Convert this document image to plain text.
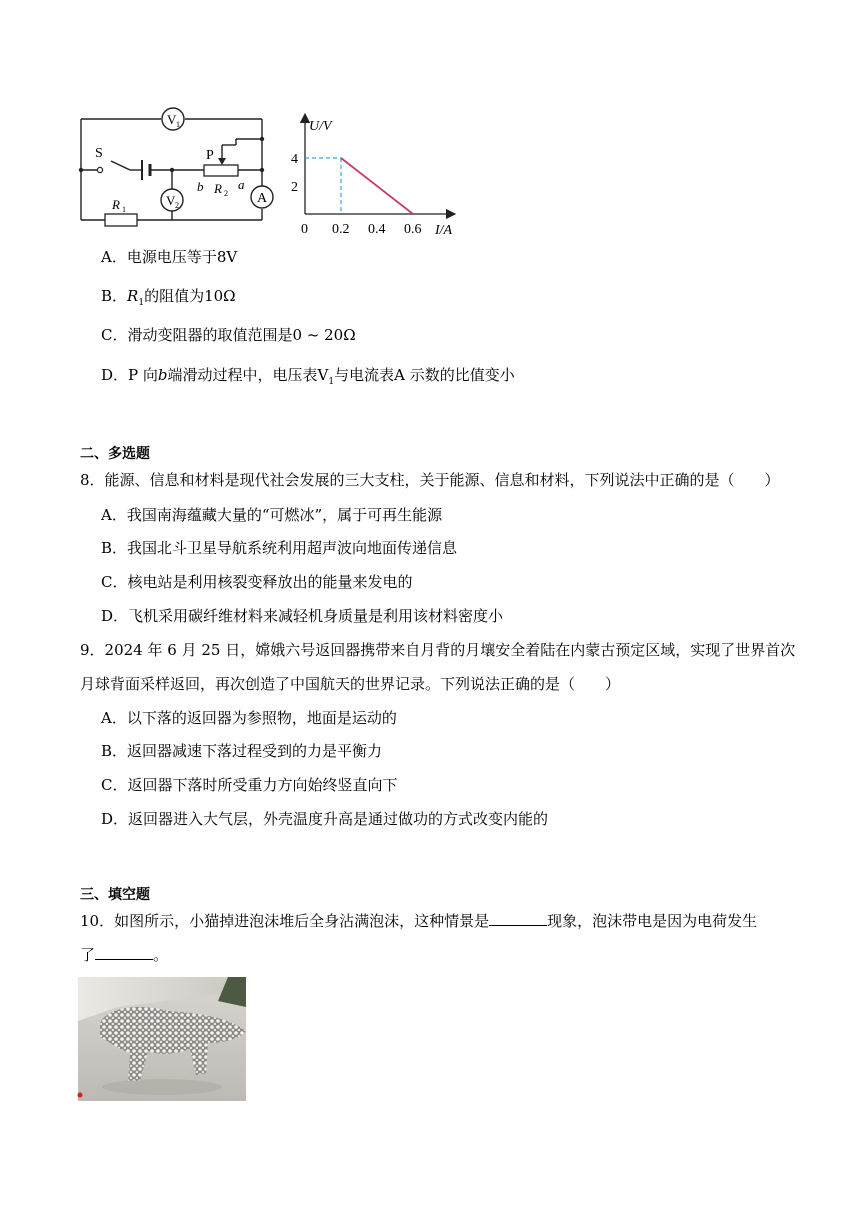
V 1
V 2	A
S	P
b	a
R 2
R 1
U/V
I/A
0 0.2 0.4 0.6
2
4
A．电源电压等于8V
B．$R_1$的阻值为10Ω
C．滑动变阻器的取值范围是0 ~ 20Ω
D．P 向b端滑动过程中，电压表$V_1$与电流表A 示数的比值变小
二、多选题
8．能源、信息和材料是现代社会发展的三大支柱，关于能源、信息和材料，下列说法中正确的是（　　）
A．我国南海蕴藏大量的“可燃冰”，属于可再生能源
B．我国北斗卫星导航系统利用超声波向地面传递信息
C．核电站是利用核裂变释放出的能量来发电的
D．飞机采用碳纤维材料来减轻机身质量是利用该材料密度小
9．2024 年 6 月 25 日，嫦娥六号返回器携带来自月背的月壤安全着陆在内蒙古预定区域，实现了世界首次
月球背面采样返回，再次创造了中国航天的世界记录。下列说法正确的是（　　）
A．以下落的返回器为参照物，地面是运动的
B．返回器减速下落过程受到的力是平衡力
C．返回器下落时所受重力方向始终竖直向下
D．返回器进入大气层，外壳温度升高是通过做功的方式改变内能的
三、填空题
10．如图所示，小猫掉进泡沫堆后全身沾满泡沫，这种情景是	现象，泡沫带电是因为电荷发生
了	。
